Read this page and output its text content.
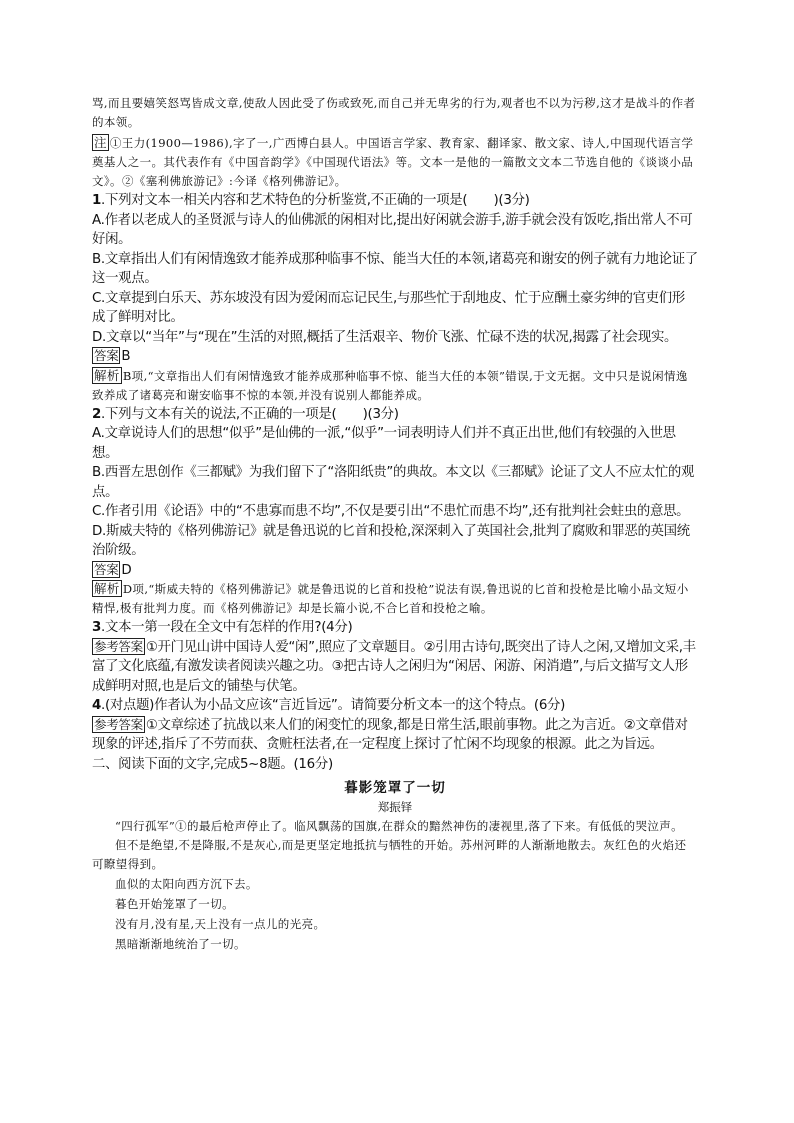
骂,而且要嬉笑怒骂皆成文章,使敌人因此受了伤或致死,而自己并无卑劣的行为,观者也不以为污秽,这才是战斗的作者的本领。

注 ①王力(1900—1986),字了一,广西博白县人。中国语言学家、教育家、翻译家、散文家、诗人,中国现代语言学奠基人之一。其代表作有《中国音韵学》《中国现代语法》等。文本一是他的一篇散文文本二节选自他的《谈谈小品文》。②《塞利佛旅游记》:今译《格列佛游记》。

1.下列对文本一相关内容和艺术特色的分析鉴赏,不正确的一项是(　　)(3分)

A.作者以老成人的圣贤派与诗人的仙佛派的闲相对比,提出好闲就会游手,游手就会没有饭吃,指出常人不可好闲。

B.文章指出人们有闲情逸致才能养成那种临事不惊、能当大任的本领,诸葛亮和谢安的例子就有力地论证了这一观点。

C.文章提到白乐天、苏东坡没有因为爱闲而忘记民生,与那些忙于刮地皮、忙于应酬土豪劣绅的官吏们形成了鲜明对比。

D.文章以“当年”与“现在”生活的对照,概括了生活艰辛、物价飞涨、忙碌不迭的状况,揭露了社会现实。

答案 B

解析 B项,“文章指出人们有闲情逸致才能养成那种临事不惊、能当大任的本领”错误,于文无据。文中只是说闲情逸致养成了诸葛亮和谢安临事不惊的本领,并没有说别人都能养成。

2.下列与文本有关的说法,不正确的一项是(　　)(3分)

A.文章说诗人们的思想“似乎”是仙佛的一派,“似乎”一词表明诗人们并不真正出世,他们有较强的入世思想。

B.西晋左思创作《三都赋》为我们留下了“洛阳纸贵”的典故。本文以《三都赋》论证了文人不应太忙的观点。

C.作者引用《论语》中的“不患寡而患不均”,不仅是要引出“不患忙而患不均”,还有批判社会蛀虫的意思。

D.斯威夫特的《格列佛游记》就是鲁迅说的匕首和投枪,深深刺入了英国社会,批判了腐败和罪恶的英国统治阶级。

答案 D

解析 D项,“斯威夫特的《格列佛游记》就是鲁迅说的匕首和投枪”说法有误,鲁迅说的匕首和投枪是比喻小品文短小精悍,极有批判力度。而《格列佛游记》却是长篇小说,不合匕首和投枪之喻。

3.文本一第一段在全文中有怎样的作用?(4分)

参考答案 ①开门见山讲中国诗人爱“闲”,照应了文章题目。②引用古诗句,既突出了诗人之闲,又增加文采,丰富了文化底蕴,有激发读者阅读兴趣之功。③把古诗人之闲归为“闲居、闲游、闲消遣”,与后文描写文人形成鲜明对照,也是后文的铺垫与伏笔。

4.(对点题)作者认为小品文应该“言近旨远”。请简要分析文本一的这个特点。(6分)

参考答案 ①文章综述了抗战以来人们的闲变忙的现象,都是日常生活,眼前事物。此之为言近。②文章借对现象的评述,指斥了不劳而获、贪赃枉法者,在一定程度上探讨了忙闲不均现象的根源。此之为旨远。

二、阅读下面的文字,完成5~8题。(16分)

暮影笼罩了一切

郑振铎

“四行孤军”①的最后枪声停止了。临风飘荡的国旗,在群众的黯然神伤的凄视里,落了下来。有低低的哭泣声。

但不是绝望,不是降服,不是灰心,而是更坚定地抵抗与牺牲的开始。苏州河畔的人渐渐地散去。灰红色的火焰还可瞭望得到。

血似的太阳向西方沉下去。

暮色开始笼罩了一切。

没有月,没有星,天上没有一点儿的光亮。

黑暗渐渐地统治了一切。
